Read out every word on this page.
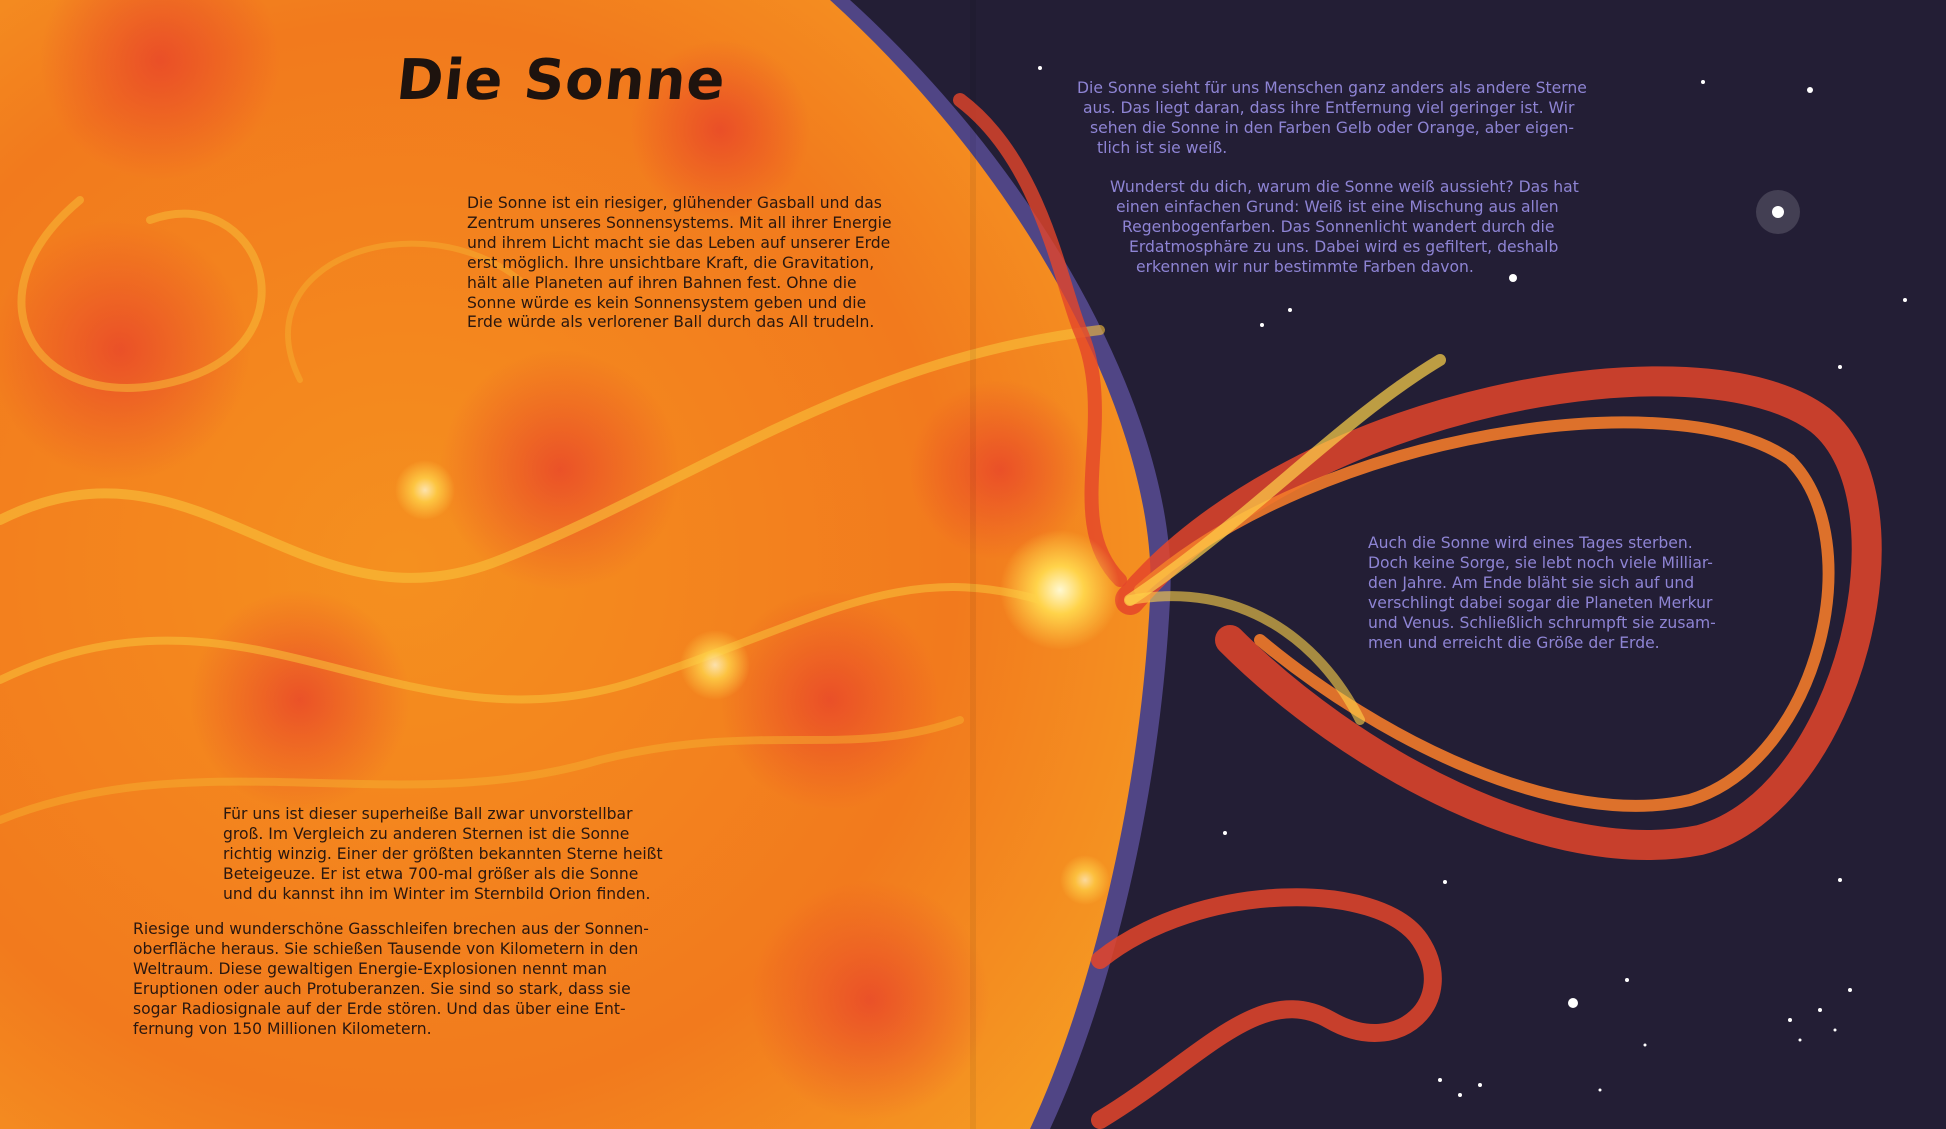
Die Sonne
Die Sonne ist ein riesiger, glühender Gasball und das
Zentrum unseres Sonnensystems. Mit all ihrer Energie
und ihrem Licht macht sie das Leben auf unserer Erde
erst möglich. Ihre unsichtbare Kraft, die Gravitation,
hält alle Planeten auf ihren Bahnen fest. Ohne die
Sonne würde es kein Sonnensystem geben und die
Erde würde als verlorener Ball durch das All trudeln.
Die Sonne sieht für uns Menschen ganz anders als andere Sterne
aus. Das liegt daran, dass ihre Entfernung viel geringer ist. Wir
sehen die Sonne in den Farben Gelb oder Orange, aber eigen-
tlich ist sie weiß.
Wunderst du dich, warum die Sonne weiß aussieht? Das hat
einen einfachen Grund: Weiß ist eine Mischung aus allen
Regenbogenfarben. Das Sonnenlicht wandert durch die
Erdatmosphäre zu uns. Dabei wird es gefiltert, deshalb
erkennen wir nur bestimmte Farben davon.
Auch die Sonne wird eines Tages sterben.
Doch keine Sorge, sie lebt noch viele Milliar-
den Jahre. Am Ende bläht sie sich auf und
verschlingt dabei sogar die Planeten Merkur
und Venus. Schließlich schrumpft sie zusam-
men und erreicht die Größe der Erde.
Für uns ist dieser superheiße Ball zwar unvorstellbar
groß. Im Vergleich zu anderen Sternen ist die Sonne
richtig winzig. Einer der größten bekannten Sterne heißt
Beteigeuze. Er ist etwa 700-mal größer als die Sonne
und du kannst ihn im Winter im Sternbild Orion finden.
Riesige und wunderschöne Gasschleifen brechen aus der Sonnen-
oberfläche heraus. Sie schießen Tausende von Kilometern in den
Weltraum. Diese gewaltigen Energie-Explosionen nennt man
Eruptionen oder auch Protuberanzen. Sie sind so stark, dass sie
sogar Radiosignale auf der Erde stören. Und das über eine Ent-
fernung von 150 Millionen Kilometern.
